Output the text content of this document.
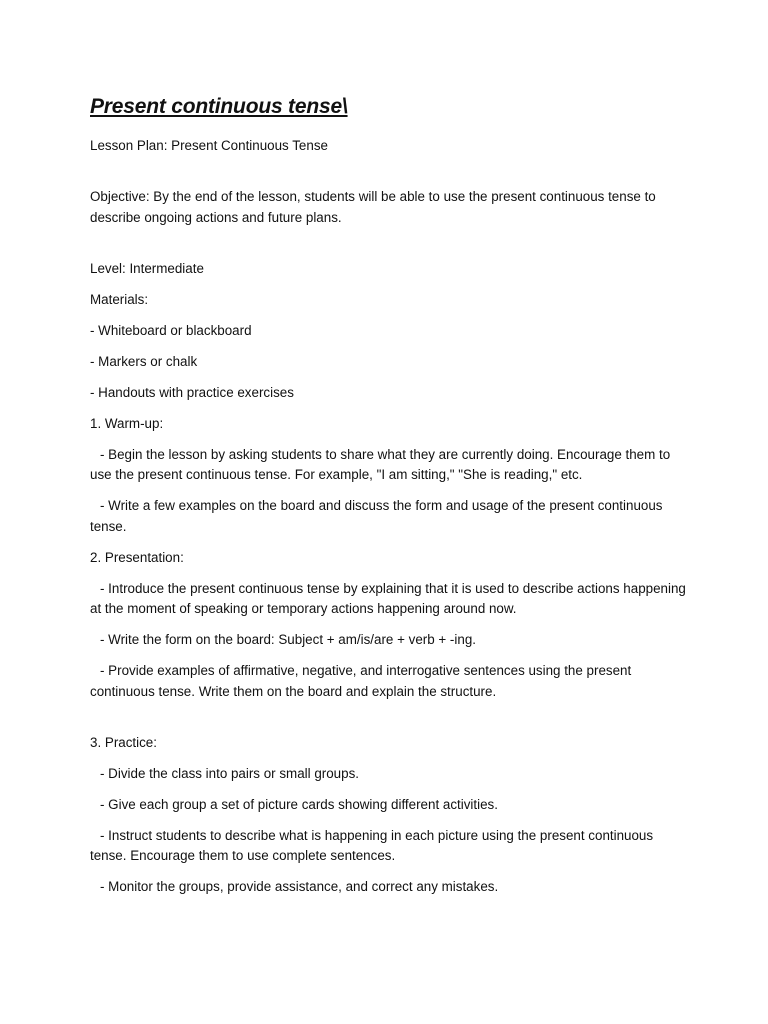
Present continuous tense\
Lesson Plan: Present Continuous Tense
Objective: By the end of the lesson, students will be able to use the present continuous tense to describe ongoing actions and future plans.
Level: Intermediate
Materials:
- Whiteboard or blackboard
- Markers or chalk
- Handouts with practice exercises
1. Warm-up:
- Begin the lesson by asking students to share what they are currently doing. Encourage them to use the present continuous tense. For example, "I am sitting," "She is reading," etc.
- Write a few examples on the board and discuss the form and usage of the present continuous tense.
2. Presentation:
- Introduce the present continuous tense by explaining that it is used to describe actions happening at the moment of speaking or temporary actions happening around now.
- Write the form on the board: Subject + am/is/are + verb + -ing.
- Provide examples of affirmative, negative, and interrogative sentences using the present continuous tense. Write them on the board and explain the structure.
3. Practice:
- Divide the class into pairs or small groups.
- Give each group a set of picture cards showing different activities.
- Instruct students to describe what is happening in each picture using the present continuous tense. Encourage them to use complete sentences.
- Monitor the groups, provide assistance, and correct any mistakes.
